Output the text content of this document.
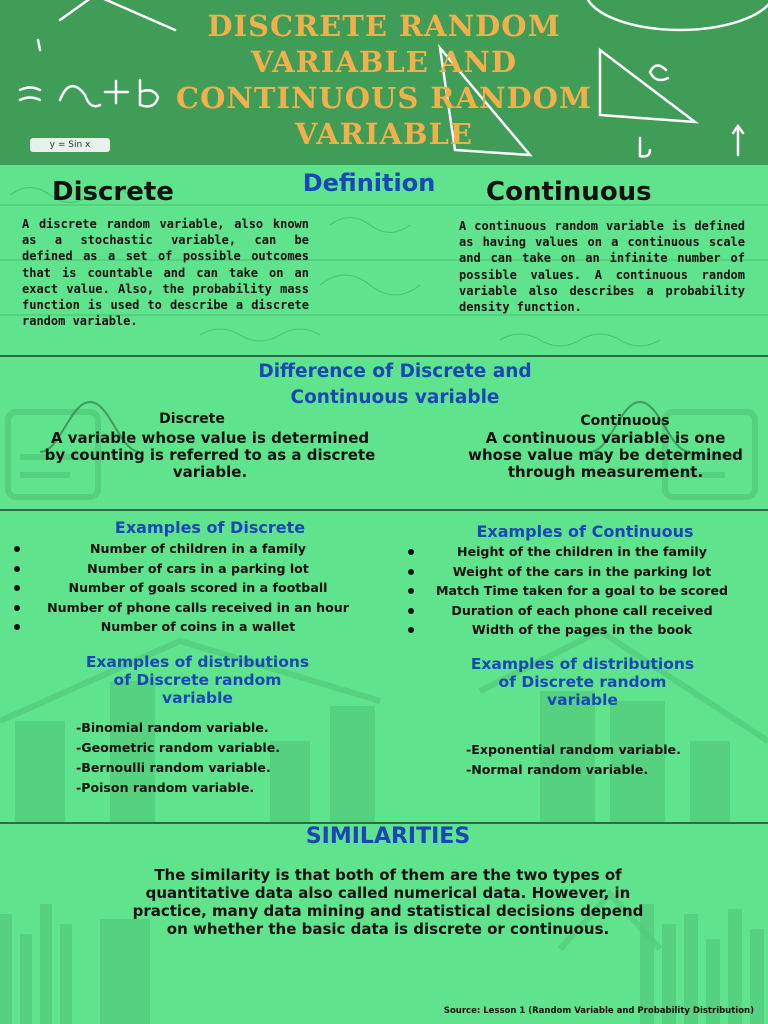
DISCRETE RANDOM
VARIABLE AND
CONTINUOUS RANDOM
VARIABLE
y = Sin x
Definition
Discrete	Continuous
A discrete random variable, also known as a stochastic variable, can be defined as a set of possible outcomes that is countable and can take on an exact value. Also, the probability mass function is used to describe a discrete random variable.
A continuous random variable is defined as having values on a continuous scale and can take on an infinite number of possible values. A continuous random variable also describes a probability density function.
Difference of Discrete and
Continuous variable
Discrete
A variable whose value is determined by counting is referred to as a discrete variable.
Continuous
A continuous variable is one whose value may be determined through measurement.
Examples of Discrete
Number of children in a family
Number of cars in a parking lot
Number of goals scored in a football
Number of phone calls received in an hour
Number of coins in a wallet
Examples of Continuous
Height of the children in the family
Weight of the cars in the parking lot
Match Time taken for a goal to be scored
Duration of each phone call received
Width of the pages in the book
Examples of distributions
of Discrete random
variable
-Binomial random variable.
-Geometric random variable.
-Bernoulli random variable.
-Poison random variable.
Examples of distributions
of Discrete random
variable
-Exponential random variable.
-Normal random variable.
SIMILARITIES
The similarity is that both of them are the two types of quantitative data also called numerical data. However, in practice, many data mining and statistical decisions depend on whether the basic data is discrete or continuous.
Source: Lesson 1 (Random Variable and Probability Distribution)
